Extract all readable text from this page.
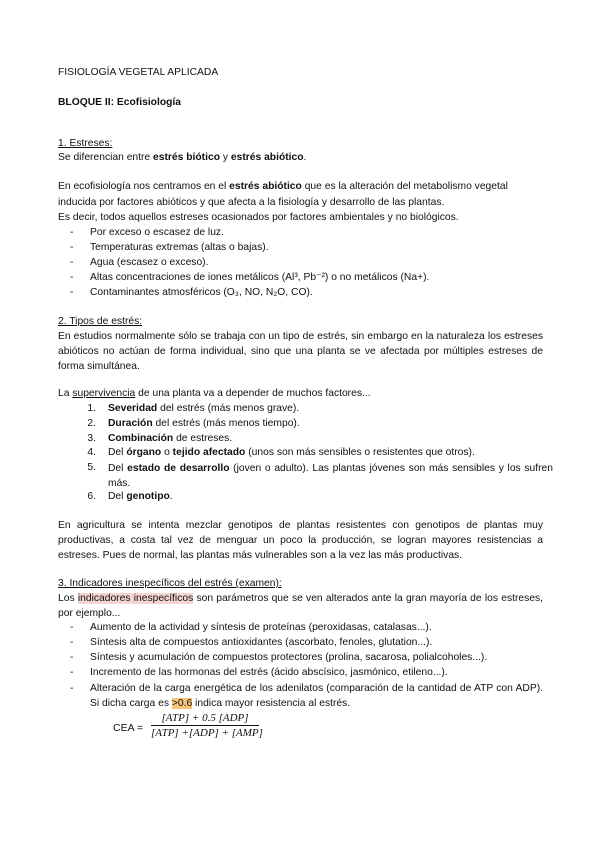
FISIOLOGÍA VEGETAL APLICADA
BLOQUE II: Ecofisiología
1. Estreses:
Se diferencian entre estrés biótico y estrés abiótico.
En ecofisiología nos centramos en el estrés abiótico que es la alteración del metabolismo vegetal
inducida por factores abióticos y que afecta a la fisiología y desarrollo de las plantas.
Es decir, todos aquellos estreses ocasionados por factores ambientales y no biológicos.
- Por exceso o escasez de luz.
- Temperaturas extremas (altas o bajas).
- Agua (escasez o exceso).
- Altas concentraciones de iones metálicos (Al³, Pb⁻²) o no metálicos (Na+).
- Contaminantes atmosféricos (O₃, NO, N₂O, CO).
2. Tipos de estrés:
En estudios normalmente sólo se trabaja con un tipo de estrés, sin embargo en la naturaleza los estreses abióticos no actúan de forma individual, sino que una planta se ve afectada por múltiples estreses de forma simultánea.
La supervivencia de una planta va a depender de muchos factores...
1. Severidad del estrés (más menos grave).
2. Duración del estrés (más menos tiempo).
3. Combinación de estreses.
4. Del órgano o tejido afectado (unos son más sensibles o resistentes que otros).
5. Del estado de desarrollo (joven o adulto). Las plantas jóvenes son más sensibles y los sufren más.
6. Del genotipo.
En agricultura se intenta mezclar genotipos de plantas resistentes con genotipos de plantas muy productivas, a costa tal vez de menguar un poco la producción, se logran mayores resistencias a estreses. Pues de normal, las plantas más vulnerables son a la vez las más productivas.
3. Indicadores inespecíficos del estrés (examen):
Los indicadores inespecíficos son parámetros que se ven alterados ante la gran mayoría de los estreses, por ejemplo...
- Aumento de la actividad y síntesis de proteínas (peroxidasas, catalasas...).
- Síntesis alta de compuestos antioxidantes (ascorbato, fenoles, glutation...).
- Síntesis y acumulación de compuestos protectores (prolina, sacarosa, polialcoholes...).
- Incremento de las hormonas del estrés (ácido abscísico, jasmónico, etileno...).
- Alteración de la carga energética de los adenilatos (comparación de la cantidad de ATP con ADP). Si dicha carga es >0.6 indica mayor resistencia al estrés.
CEA =
[ATP] + 0.5 [ADP]
[ATP] +[ADP] + [AMP]
